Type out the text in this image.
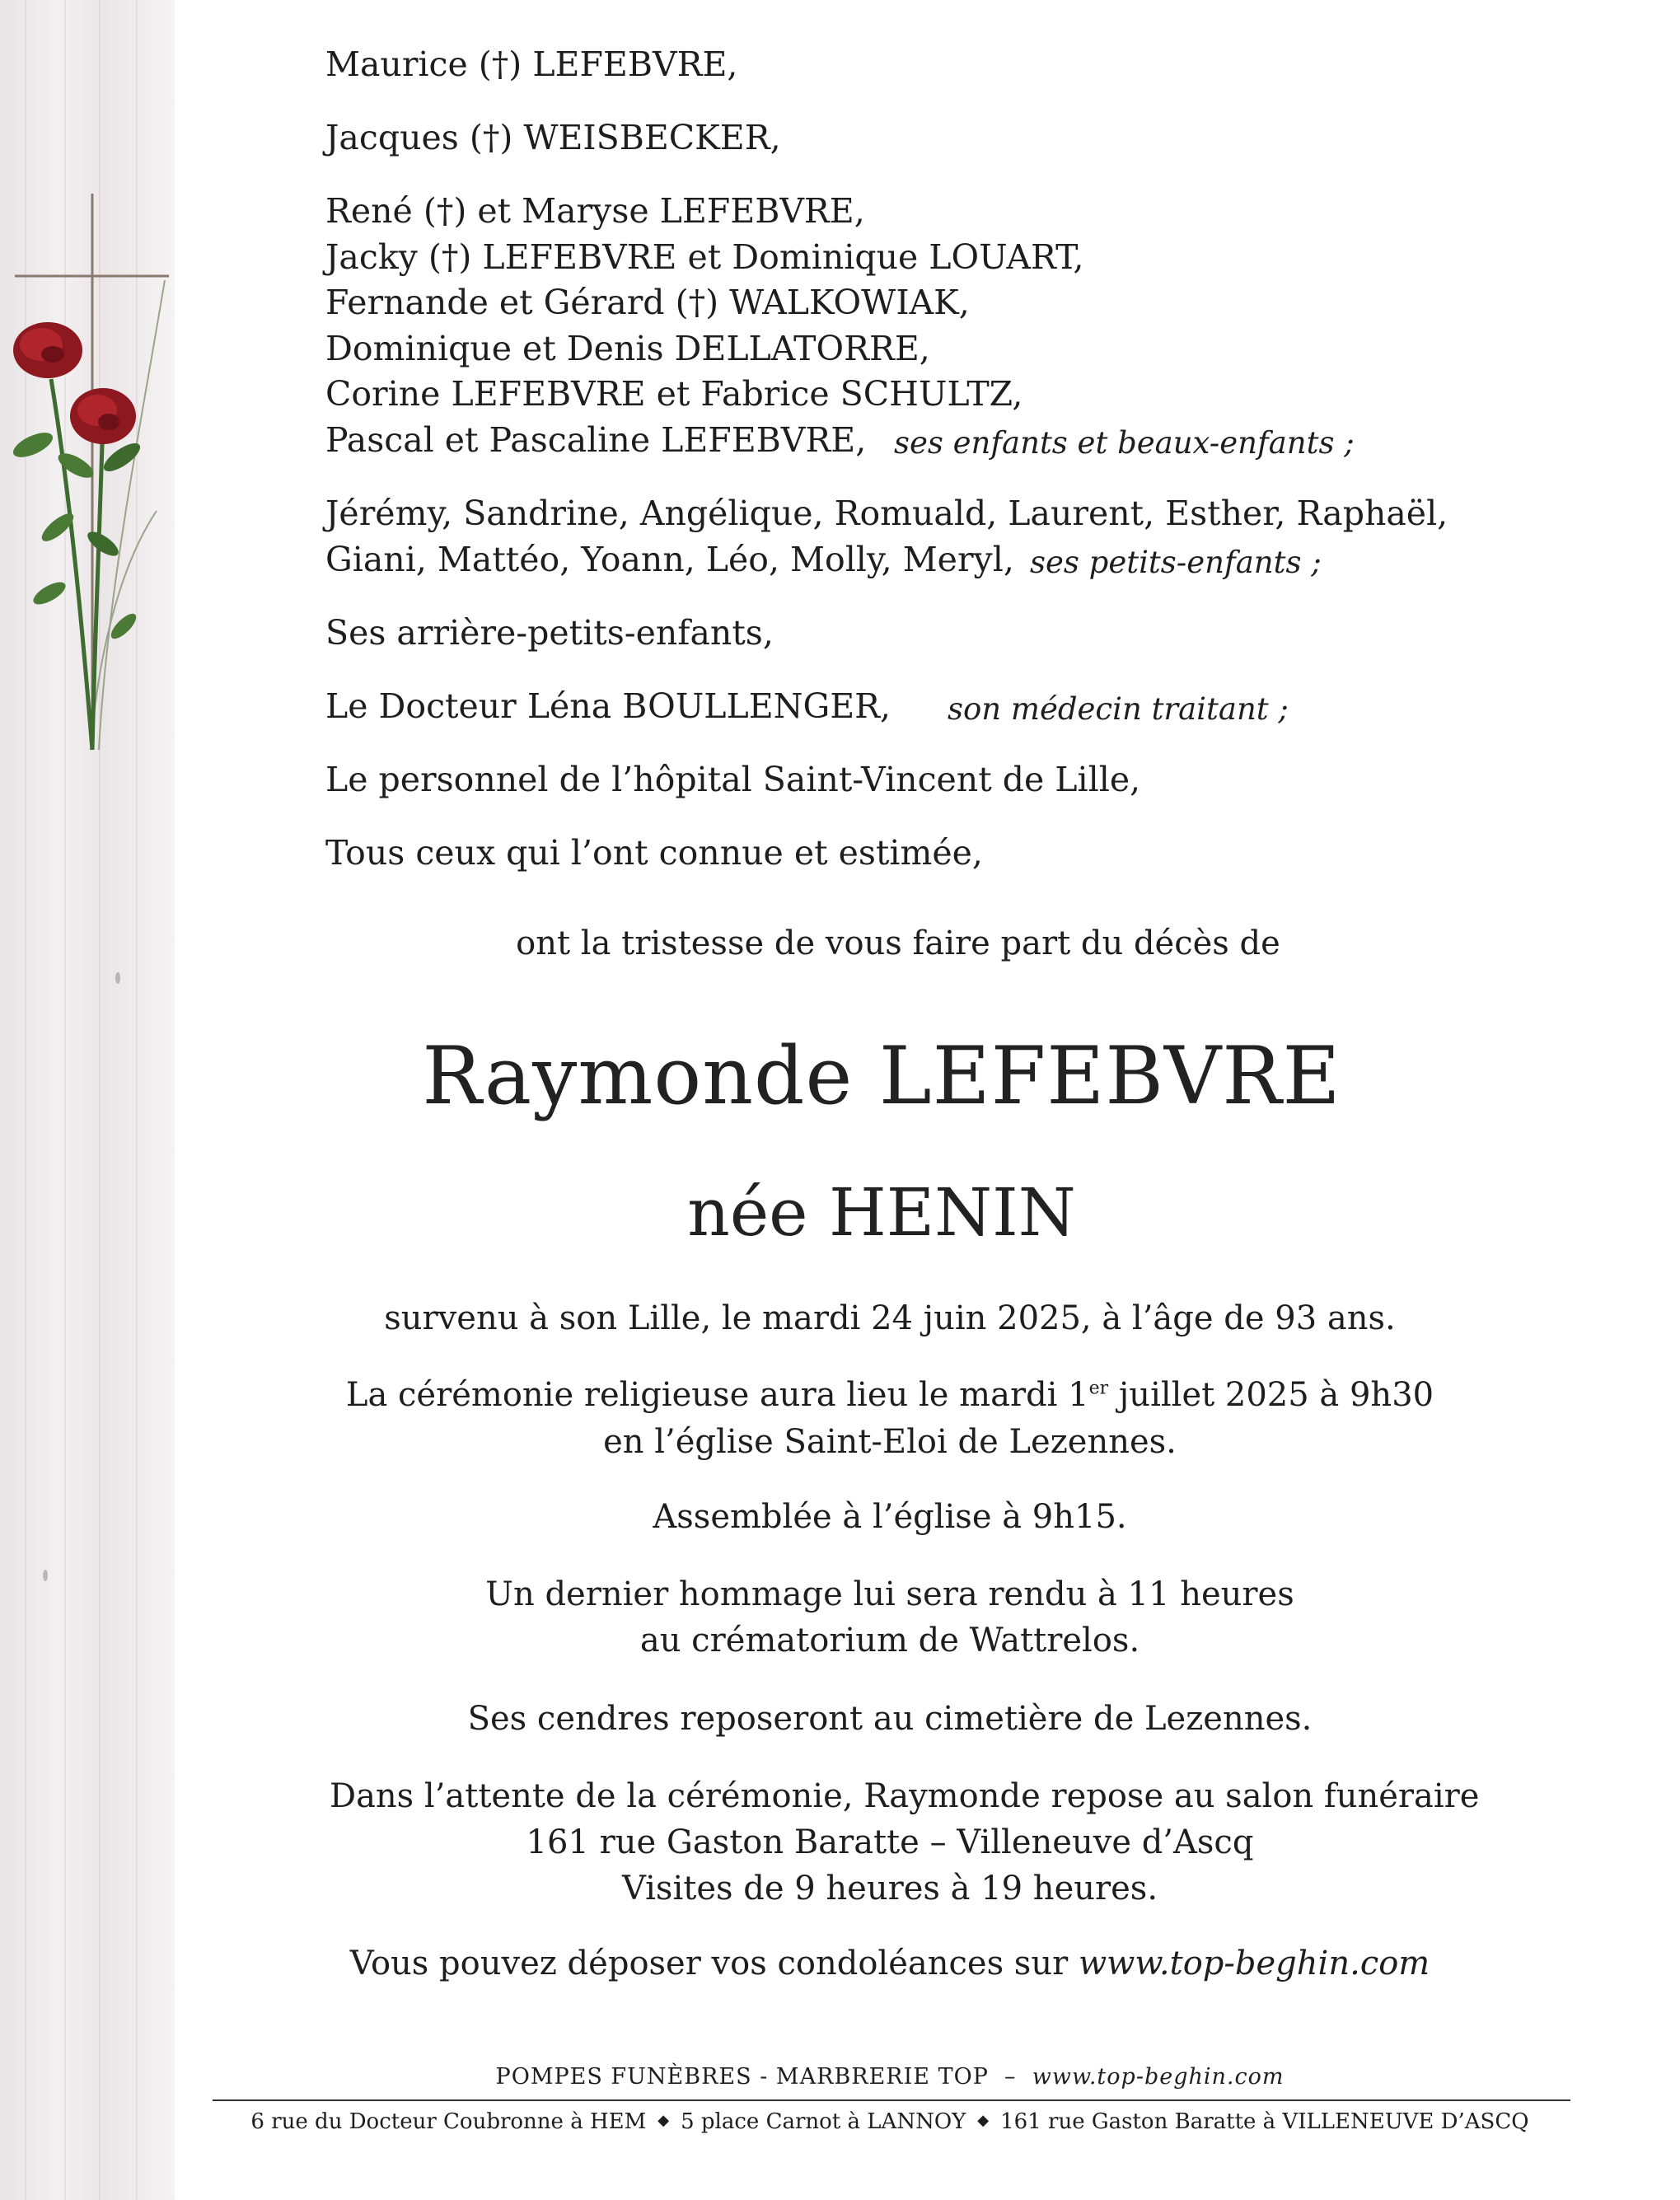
Maurice (†) LEFEBVRE,
Jacques (†) WEISBECKER,
René (†) et Maryse LEFEBVRE,
Jacky (†) LEFEBVRE et Dominique LOUART,
Fernande et Gérard (†) WALKOWIAK,
Dominique et Denis DELLATORRE,
Corine LEFEBVRE et Fabrice SCHULTZ,
Pascal et Pascaline LEFEBVRE, ses enfants et beaux-enfants ;
Jérémy, Sandrine, Angélique, Romuald, Laurent, Esther, Raphaël,
Giani, Mattéo, Yoann, Léo, Molly, Meryl, ses petits-enfants ;
Ses arrière-petits-enfants,
Le Docteur Léna BOULLENGER, son médecin traitant ;
Le personnel de l’hôpital Saint-Vincent de Lille,
Tous ceux qui l’ont connue et estimée,
ont la tristesse de vous faire part du décès de
Raymonde LEFEBVRE
née HENIN
survenu à son Lille, le mardi 24 juin 2025, à l’âge de 93 ans.
La cérémonie religieuse aura lieu le mardi 1er juillet 2025 à 9h30
en l’église Saint-Eloi de Lezennes.
Assemblée à l’église à 9h15.
Un dernier hommage lui sera rendu à 11 heures
au crématorium de Wattrelos.
Ses cendres reposeront au cimetière de Lezennes.
Dans l’attente de la cérémonie, Raymonde repose au salon funéraire
161 rue Gaston Baratte – Villeneuve d’Ascq
Visites de 9 heures à 19 heures.
Vous pouvez déposer vos condoléances sur www.top-beghin.com
POMPES FUNÈBRES - MARBRERIE TOP – www.top-beghin.com
6 rue du Docteur Coubronne à HEM ◆ 5 place Carnot à LANNOY ◆ 161 rue Gaston Baratte à VILLENEUVE D’ASCQ
